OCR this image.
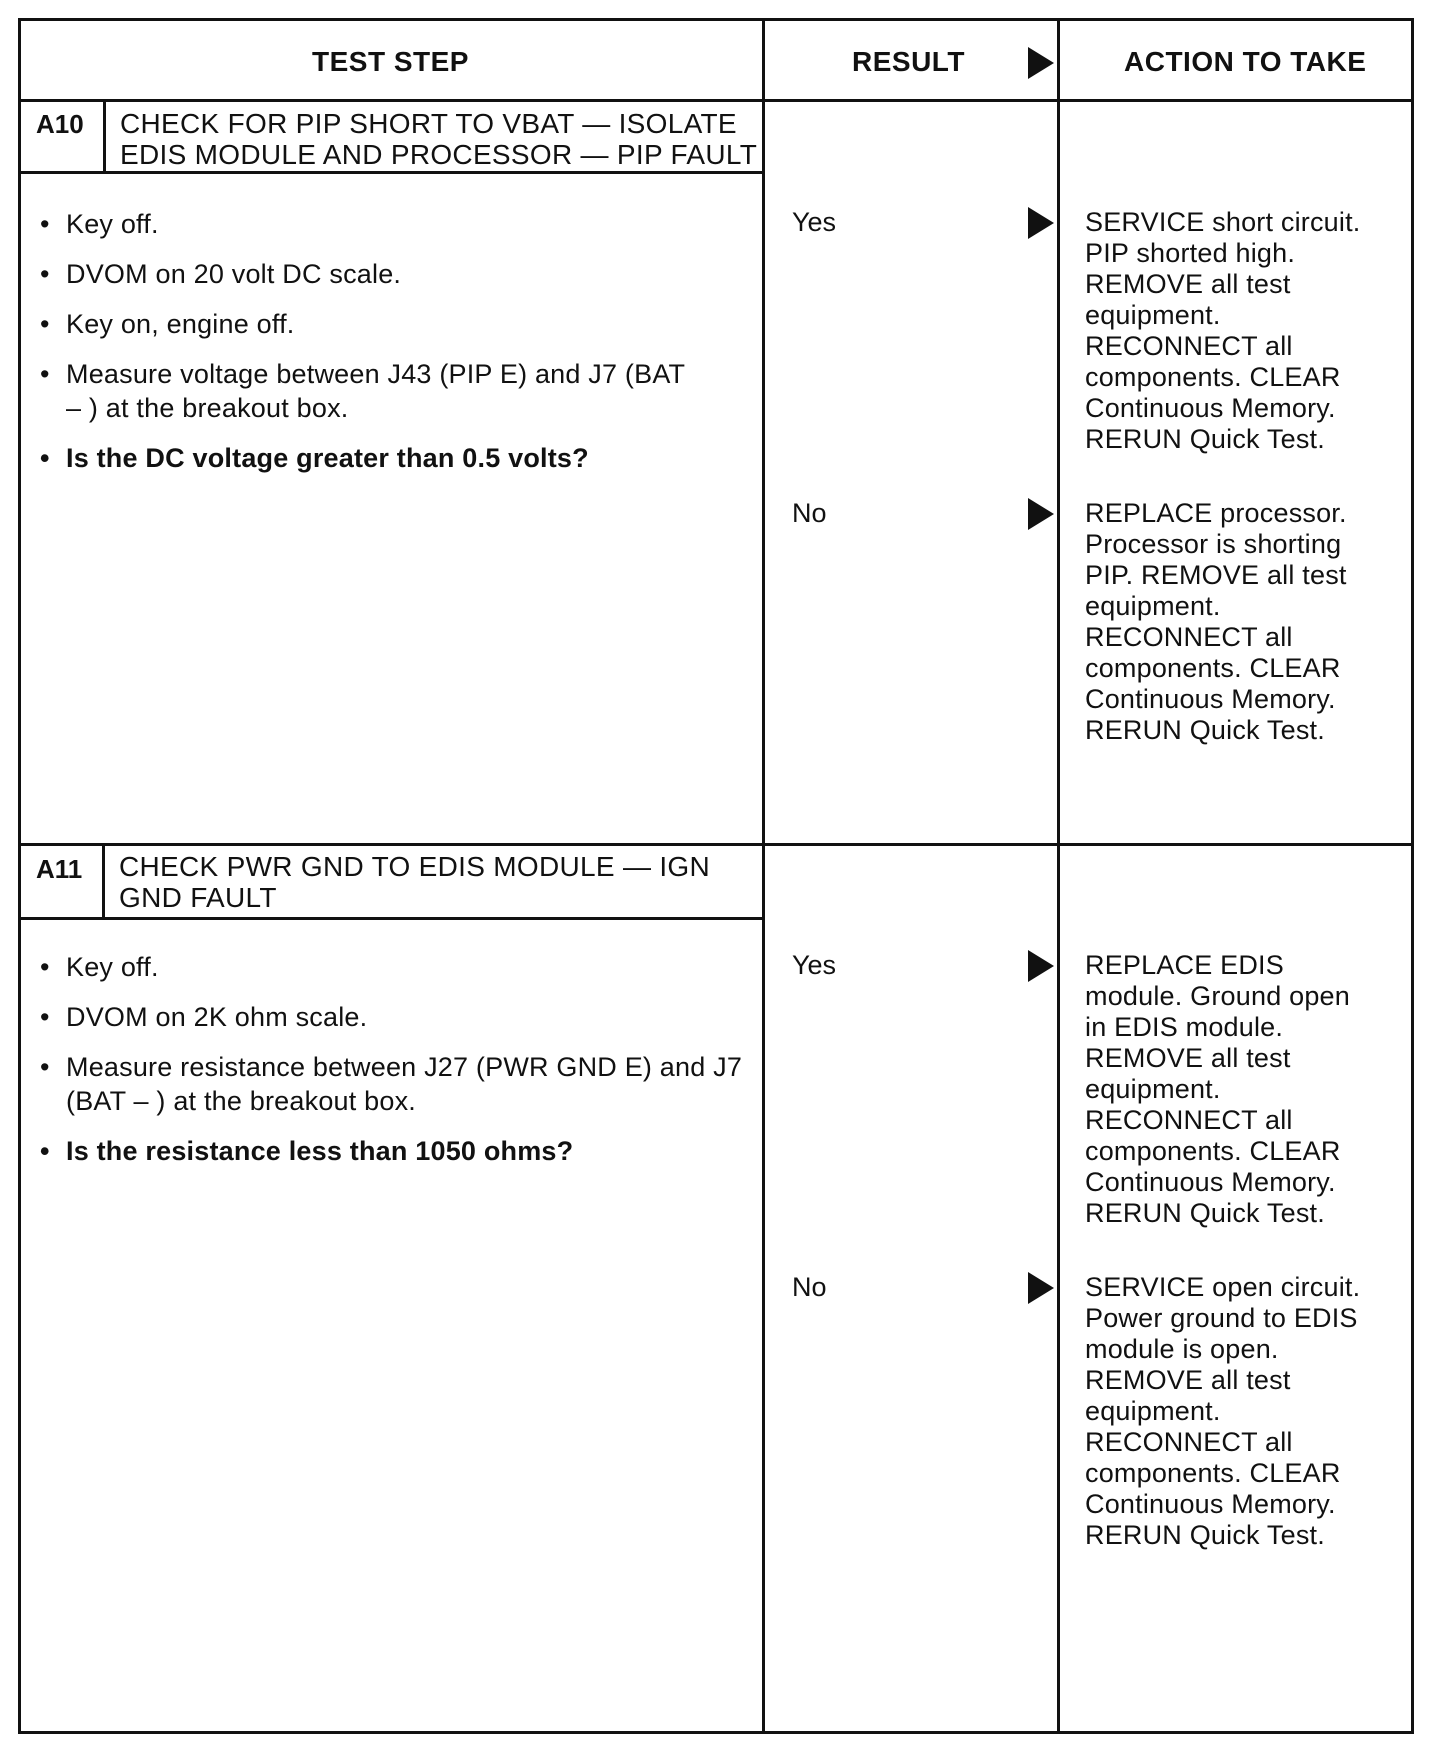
TEST STEP	RESULT	ACTION TO TAKE
A10 CHECK FOR PIP SHORT TO VBAT — ISOLATE
EDIS MODULE AND PROCESSOR — PIP FAULT
• Key off.
• DVOM on 20 volt DC scale.
• Key on, engine off.
• Measure voltage between J43 (PIP E) and J7 (BAT – ) at the breakout box.
• Is the DC voltage greater than 0.5 volts?
Yes	SERVICE short circuit.
PIP shorted high.
REMOVE all test
equipment.
RECONNECT all
components. CLEAR
Continuous Memory.
RERUN Quick Test.
No	REPLACE processor.
Processor is shorting
PIP. REMOVE all test
equipment.
RECONNECT all
components. CLEAR
Continuous Memory.
RERUN Quick Test.
A11 CHECK PWR GND TO EDIS MODULE — IGN
GND FAULT
• Key off.
• DVOM on 2K ohm scale.
• Measure resistance between J27 (PWR GND E) and J7 (BAT – ) at the breakout box.
• Is the resistance less than 1050 ohms?
Yes	REPLACE EDIS
module. Ground open
in EDIS module.
REMOVE all test
equipment.
RECONNECT all
components. CLEAR
Continuous Memory.
RERUN Quick Test.
No	SERVICE open circuit.
Power ground to EDIS
module is open.
REMOVE all test
equipment.
RECONNECT all
components. CLEAR
Continuous Memory.
RERUN Quick Test.
